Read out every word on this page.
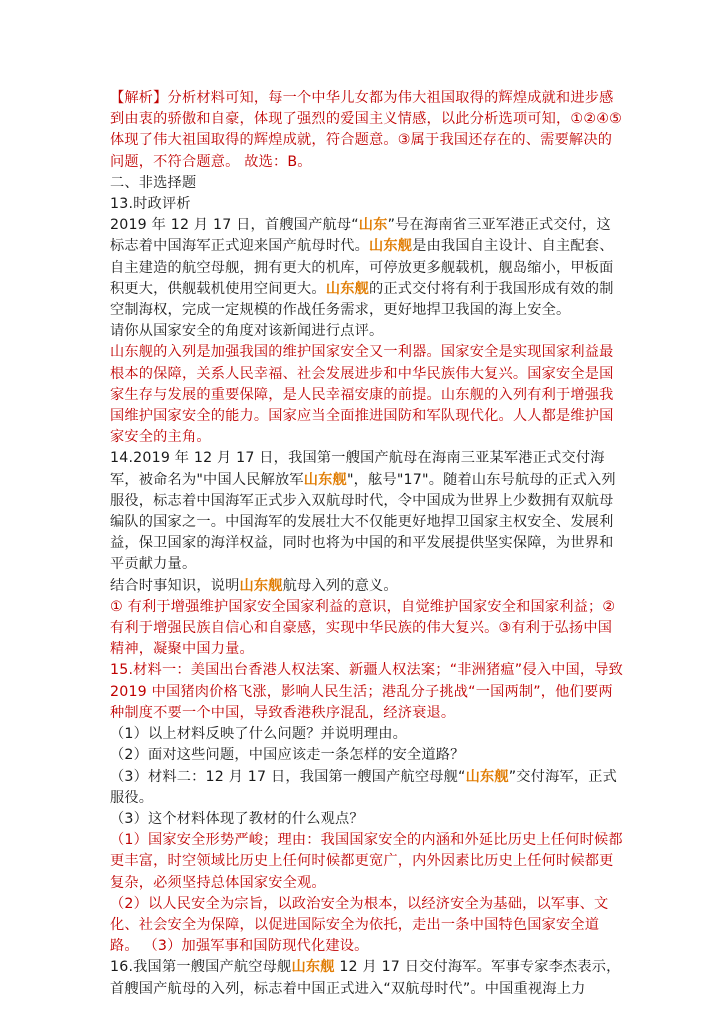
【解析】分析材料可知，每一个中华儿女都为伟大祖国取得的辉煌成就和进步感到由衷的骄傲和自豪，体现了强烈的爱国主义情感，以此分析选项可知，①②④⑤体现了伟大祖国取得的辉煌成就，符合题意。③属于我国还存在的、需要解决的问题，不符合题意。 故选：B。

二、非选择题

13.时政评析

2019 年 12 月 17 日，首艘国产航母“山东”号在海南省三亚军港正式交付，这标志着中国海军正式迎来国产航母时代。山东舰是由我国自主设计、自主配套、自主建造的航空母舰，拥有更大的机库，可停放更多舰载机，舰岛缩小，甲板面积更大，供舰载机使用空间更大。山东舰的正式交付将有利于我国形成有效的制空制海权，完成一定规模的作战任务需求，更好地捍卫我国的海上安全。

请你从国家安全的角度对该新闻进行点评。

山东舰的入列是加强我国的维护国家安全又一利器。国家安全是实现国家利益最根本的保障，关系人民幸福、社会发展进步和中华民族伟大复兴。国家安全是国家生存与发展的重要保障，是人民幸福安康的前提。山东舰的入列有利于增强我国维护国家安全的能力。国家应当全面推进国防和军队现代化。人人都是维护国家安全的主角。

14.2019 年 12 月 17 日，我国第一艘国产航母在海南三亚某军港正式交付海军，被命名为"中国人民解放军山东舰"，舷号"17"。随着山东号航母的正式入列服役，标志着中国海军正式步入双航母时代，令中国成为世界上少数拥有双航母编队的国家之一。中国海军的发展壮大不仅能更好地捍卫国家主权安全、发展利益，保卫国家的海洋权益，同时也将为中国的和平发展提供坚实保障，为世界和平贡献力量。

结合时事知识，说明山东舰航母入列的意义。

① 有利于增强维护国家安全国家利益的意识，自觉维护国家安全和国家利益；②有利于增强民族自信心和自豪感，实现中华民族的伟大复兴。③有利于弘扬中国精神，凝聚中国力量。

15.材料一：美国出台香港人权法案、新疆人权法案；“非洲猪瘟”侵入中国，导致 2019 中国猪肉价格飞涨，影响人民生活；港乱分子挑战“一国两制”，他们要两种制度不要一个中国，导致香港秩序混乱，经济衰退。

（1）以上材料反映了什么问题？并说明理由。

（2）面对这些问题，中国应该走一条怎样的安全道路？

（3）材料二：12 月 17 日，我国第一艘国产航空母舰“山东舰”交付海军，正式服役。

（3）这个材料体现了教材的什么观点？

（1）国家安全形势严峻；理由：我国国家安全的内涵和外延比历史上任何时候都更丰富，时空领域比历史上任何时候都更宽广，内外因素比历史上任何时候都更复杂，必须坚持总体国家安全观。

（2）以人民安全为宗旨，以政治安全为根本，以经济安全为基础，以军事、文化、社会安全为保障，以促进国际安全为依托，走出一条中国特色国家安全道路。 （3）加强军事和国防现代化建设。

16.我国第一艘国产航空母舰山东舰 12 月 17 日交付海军。军事专家李杰表示，首艘国产航母的入列，标志着中国正式进入“双航母时代”。中国重视海上力
